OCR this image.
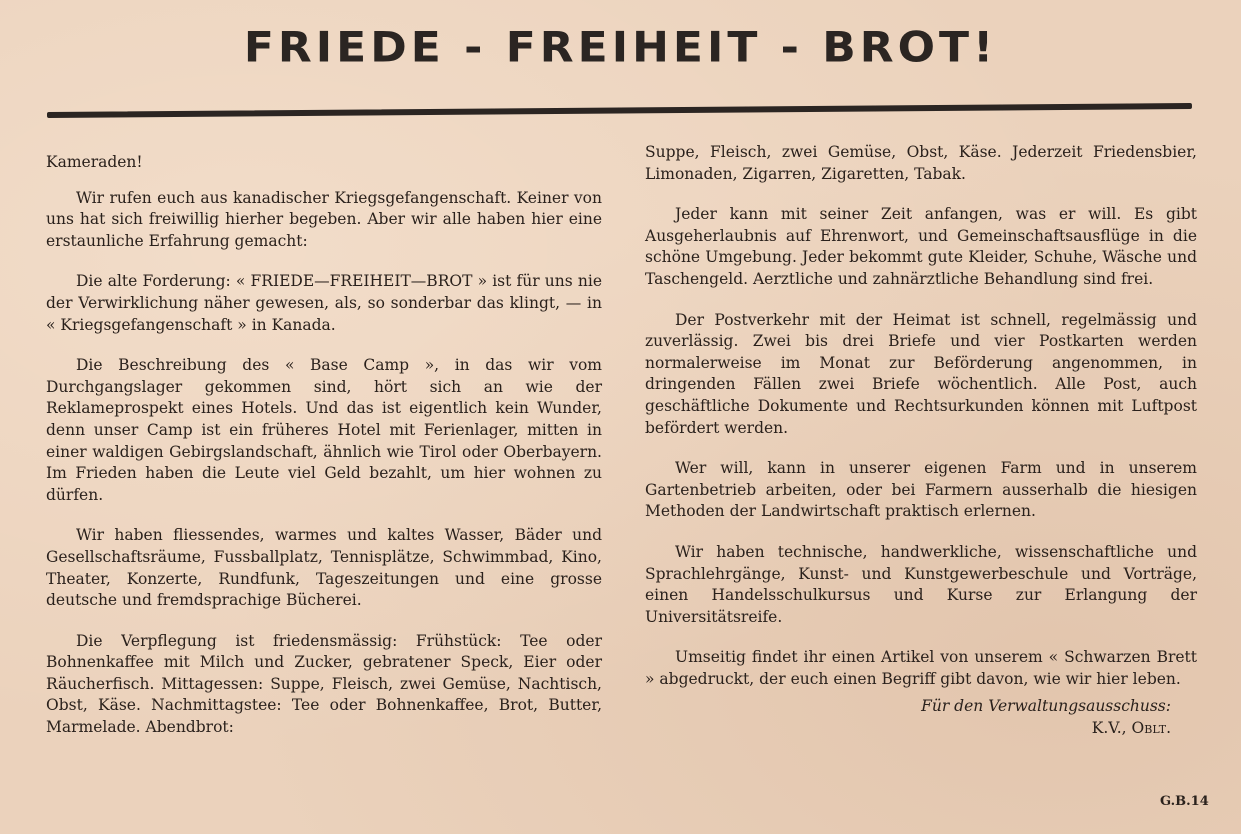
FRIEDE - FREIHEIT - BROT!

Kameraden!

Wir rufen euch aus kanadischer Kriegsgefangenschaft. Keiner von uns hat sich freiwillig hierher begeben. Aber wir alle haben hier eine erstaunliche Erfahrung gemacht:

Die alte Forderung: « FRIEDE—FREIHEIT—BROT » ist für uns nie der Verwirklichung näher gewesen, als, so sonderbar das klingt, — in « Kriegsgefangenschaft » in Kanada.

Die Beschreibung des « Base Camp », in das wir vom Durchgangslager gekommen sind, hört sich an wie der Reklameprospekt eines Hotels. Und das ist eigentlich kein Wunder, denn unser Camp ist ein früheres Hotel mit Ferienlager, mitten in einer waldigen Gebirgslandschaft, ähnlich wie Tirol oder Oberbayern. Im Frieden haben die Leute viel Geld bezahlt, um hier wohnen zu dürfen.

Wir haben fliessendes, warmes und kaltes Wasser, Bäder und Gesellschaftsräume, Fussballplatz, Tennisplätze, Schwimmbad, Kino, Theater, Konzerte, Rundfunk, Tageszeitungen und eine grosse deutsche und fremdsprachige Bücherei.

Die Verpflegung ist friedensmässig: Frühstück: Tee oder Bohnenkaffee mit Milch und Zucker, gebratener Speck, Eier oder Räucherfisch. Mittagessen: Suppe, Fleisch, zwei Gemüse, Nachtisch, Obst, Käse. Nachmittagstee: Tee oder Bohnenkaffee, Brot, Butter, Marmelade. Abendbrot:

Suppe, Fleisch, zwei Gemüse, Obst, Käse. Jederzeit Friedensbier, Limonaden, Zigarren, Zigaretten, Tabak.

Jeder kann mit seiner Zeit anfangen, was er will. Es gibt Ausgeherlaubnis auf Ehrenwort, und Gemeinschaftsausflüge in die schöne Umgebung. Jeder bekommt gute Kleider, Schuhe, Wäsche und Taschengeld. Aerztliche und zahnärztliche Behandlung sind frei.

Der Postverkehr mit der Heimat ist schnell, regelmässig und zuverlässig. Zwei bis drei Briefe und vier Postkarten werden normalerweise im Monat zur Beförderung angenommen, in dringenden Fällen zwei Briefe wöchentlich. Alle Post, auch geschäftliche Dokumente und Rechtsurkunden können mit Luftpost befördert werden.

Wer will, kann in unserer eigenen Farm und in unserem Gartenbetrieb arbeiten, oder bei Farmern ausserhalb die hiesigen Methoden der Landwirtschaft praktisch erlernen.

Wir haben technische, handwerkliche, wissenschaftliche und Sprachlehrgänge, Kunst- und Kunstgewerbeschule und Vorträge, einen Handelsschulkursus und Kurse zur Erlangung der Universitätsreife.

Umseitig findet ihr einen Artikel von unserem « Schwarzen Brett » abgedruckt, der euch einen Begriff gibt davon, wie wir hier leben.

Für den Verwaltungsausschuss:

K.V., Oblt.

G.B.14
